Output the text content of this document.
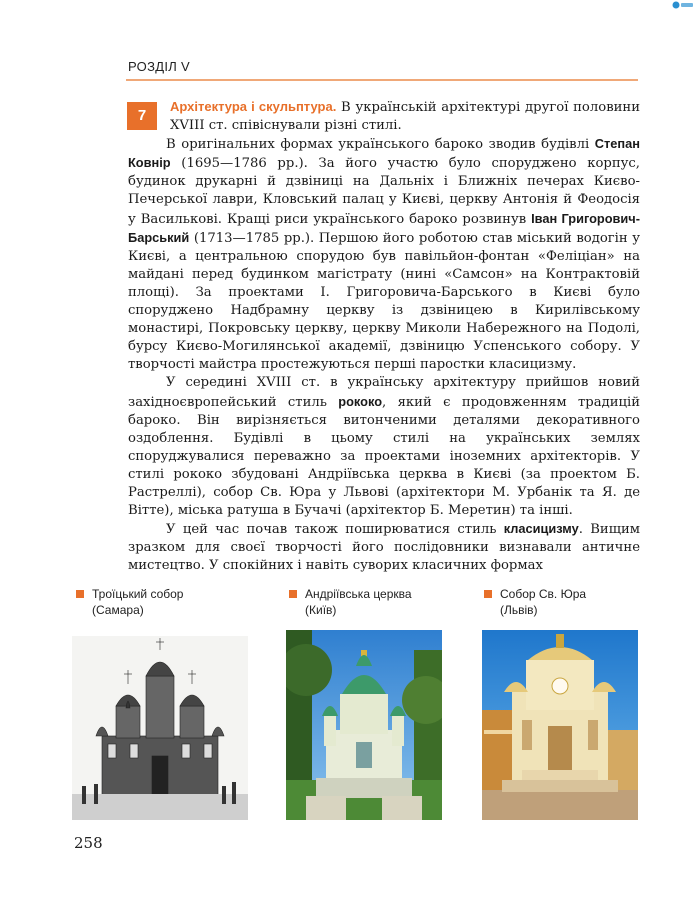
РОЗДІЛ V
7

Архітектура і скульптура. В українській архітектурі другої половини XVIII ст. співіснували різні стилі.

В оригінальних формах українського бароко зводив будівлі Степан Ковнір (1695—1786 рр.). За його участю було споруджено корпус, будинок друкарні й дзвіниці на Дальніх і Ближніх печерах Києво-Печерської лаври, Кловський палац у Києві, церкву Антонія й Феодосія у Василькові. Кращі риси українського бароко розвинув Іван Григорович-Барський (1713—1785 рр.). Першою його роботою став міський водогін у Києві, а центральною спорудою був павільйон-фонтан «Феліціан» на майдані перед будинком магістрату (нині «Самсон» на Контрактовій площі). За проектами І. Григоровича-Барського в Києві було споруджено Надбрамну церкву із дзвіницею в Кирилівському монастирі, Покровську церкву, церкву Миколи Набережного на Подолі, бурсу Києво-Могилянської академії, дзвіницю Успенського собору. У творчості майстра простежуються перші паростки класицизму.

У середині XVIII ст. в українську архітектуру прийшов новий західноєвропейський стиль рококо, який є продовженням традицій бароко. Він вирізняється витонченими деталями декоративного оздоблення. Будівлі в цьому стилі на українських землях споруджувалися переважно за проектами іноземних архітекторів. У стилі рококо збудовані Андріївська церква в Києві (за проектом Б. Растреллі), собор Св. Юра у Львові (архітектори М. Урбанік та Я. де Вітте), міська ратуша в Бучачі (архітектор Б. Меретин) та інші.

У цей час почав також поширюватися стиль класицизму. Вищим зразком для своєї творчості його послідовники визнавали античне мистецтво. У спокійних і навіть суворих класичних формах

Троїцький собор
(Самара)
Андріївська церква
(Київ)
Собор Св. Юра
(Львів)
258
